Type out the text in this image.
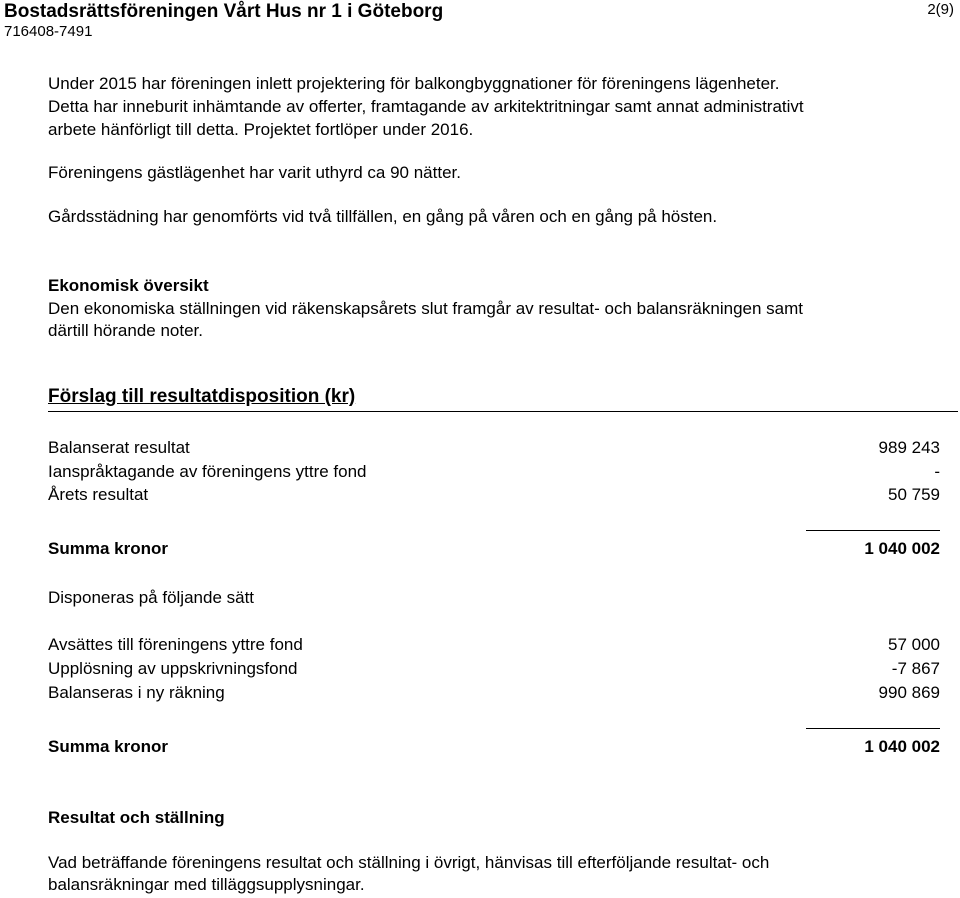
Bostadsrättsföreningen Vårt Hus nr 1 i Göteborg
716408-7491
2(9)
Under 2015 har föreningen inlett projektering för balkongbyggnationer för föreningens lägenheter.
Detta har inneburit inhämtande av offerter, framtagande av arkitektritningar samt annat administrativt
arbete hänförligt till detta. Projektet fortlöper under 2016.
Föreningens gästlägenhet har varit uthyrd ca 90 nätter.
Gårdsstädning har genomförts vid två tillfällen, en gång på våren och en gång på hösten.
Ekonomisk översikt
Den ekonomiska ställningen vid räkenskapsårets slut framgår av resultat- och balansräkningen samt
därtill hörande noter.
Förslag till resultatdisposition (kr)
Balanserat resultat	989 243
Ianspråktagande av föreningens yttre fond	-
Årets resultat	50 759
Summa kronor	1 040 002
Disponeras på följande sätt
Avsättes till föreningens yttre fond	57 000
Upplösning av uppskrivningsfond	-7 867
Balanseras i ny räkning	990 869
Summa kronor	1 040 002
Resultat och ställning
Vad beträffande föreningens resultat och ställning i övrigt, hänvisas till efterföljande resultat- och
balansräkningar med tilläggsupplysningar.
